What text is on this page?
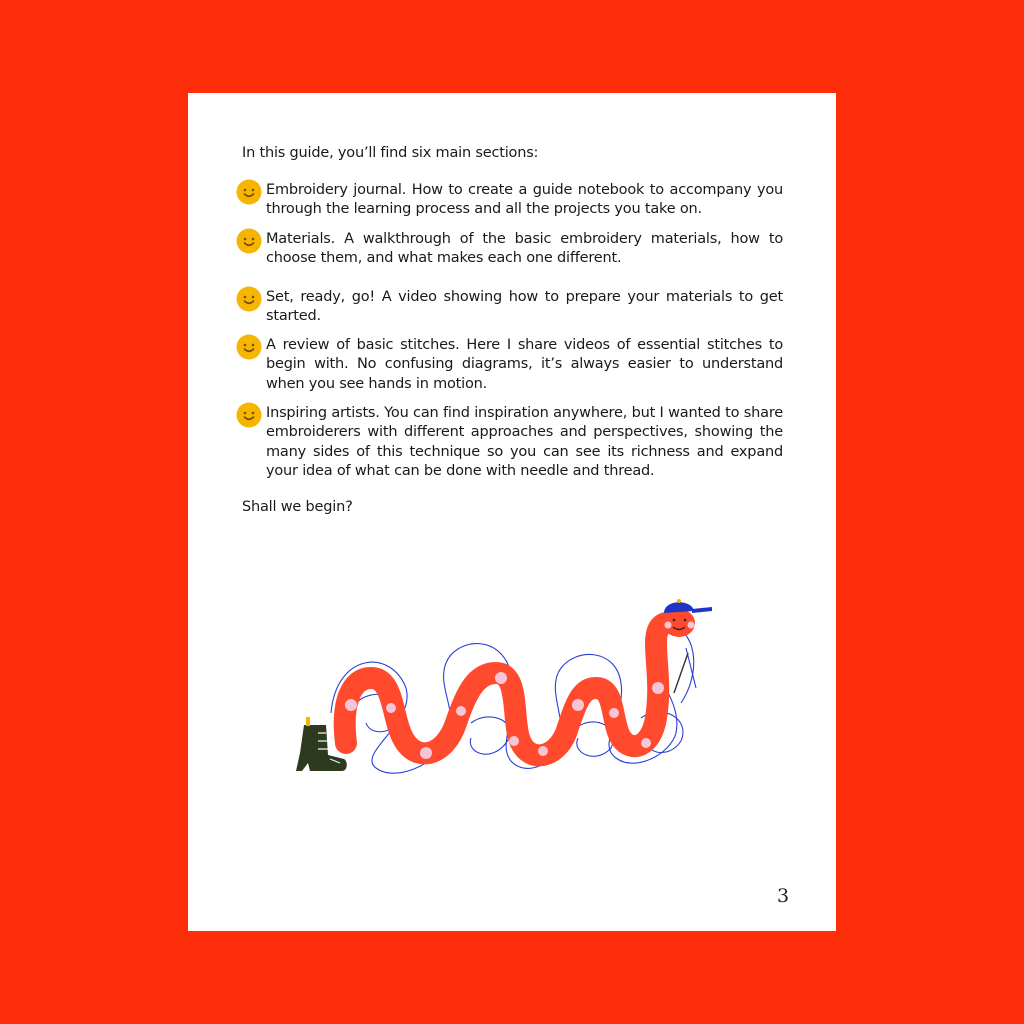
In this guide, you’ll find six main sections:

Embroidery journal. How to create a guide notebook to accompany you through the learning process and all the projects you take on.
Materials. A walkthrough of the basic embroidery materials, how to choose them, and what makes each one different.
Set, ready, go! A video showing how to prepare your materials to get started.
A review of basic stitches. Here I share videos of essential stitches to begin with. No confusing diagrams, it’s always easier to understand when you see hands in motion.
Inspiring artists. You can find inspiration anywhere, but I wanted to share embroiderers with different approaches and perspectives, showing the many sides of this technique so you can see its richness and expand your idea of what can be done with needle and thread.

Shall we begin?

3
